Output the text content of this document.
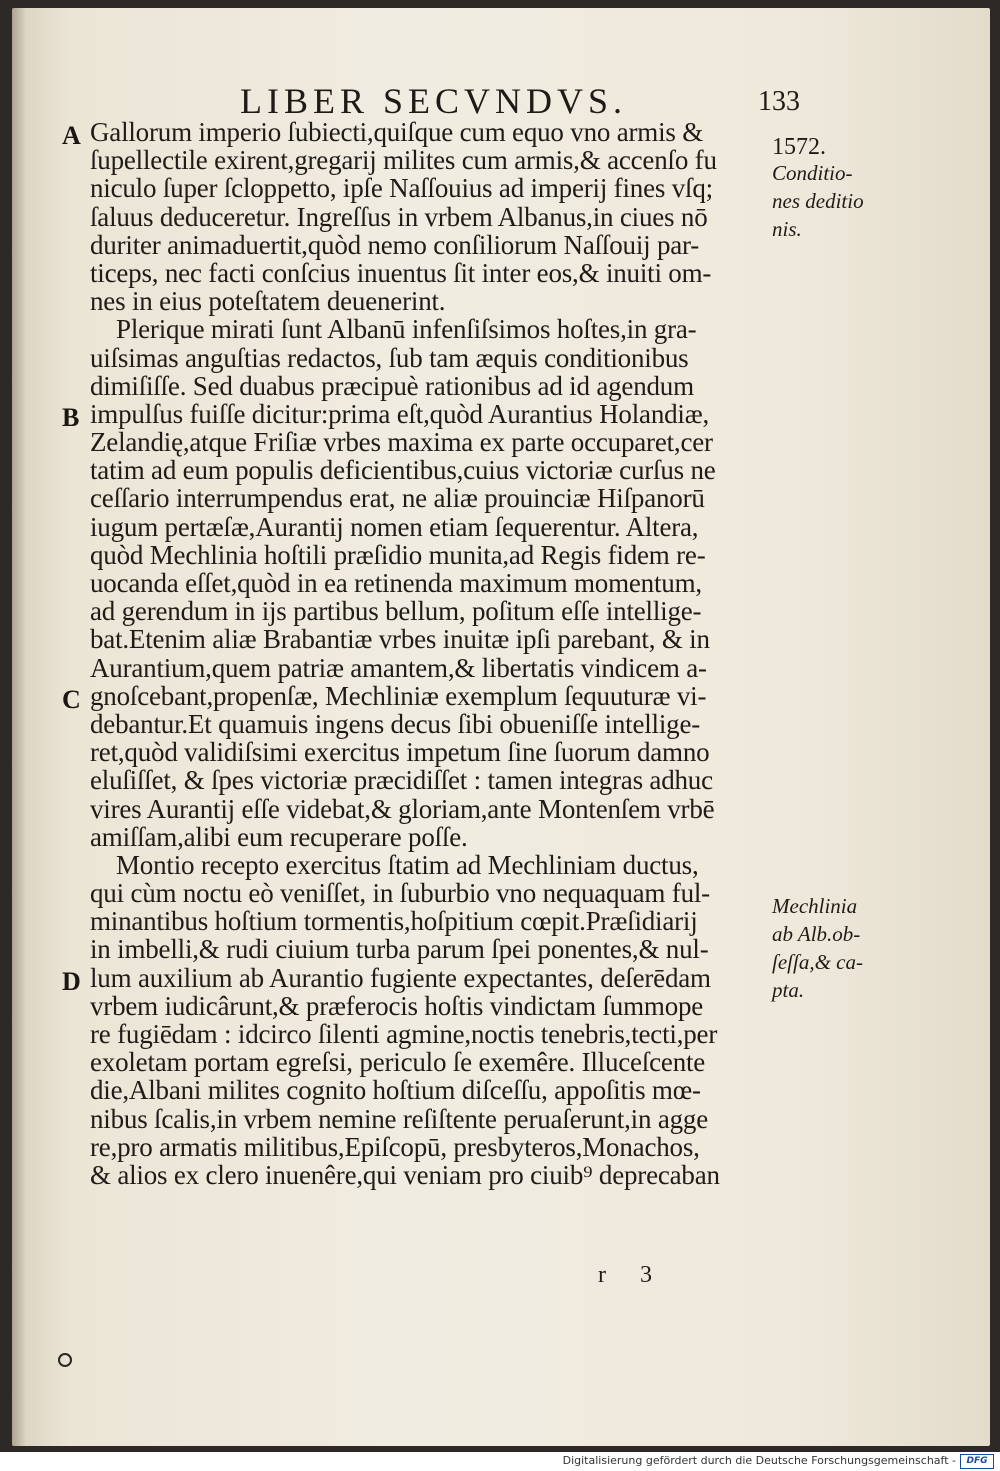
LIBER SECVNDVS.	133
A
B
C
D
Gallorum imperio ſubiecti,quiſque cum equo vno armis &
ſupellectile exirent,gregarij milites cum armis,& accenſo fu
niculo ſuper ſcloppetto, ipſe Naſſouius ad imperij fines vſq;
ſaluus deduceretur. Ingreſſus in vrbem Albanus,in ciues nō
duriter animaduertit,quòd nemo conſiliorum Naſſouij par-
ticeps, nec facti conſcius inuentus ſit inter eos,& inuiti om-
nes in eius poteſtatem deuenerint.
Plerique mirati ſunt Albanū infenſiſsimos hoſtes,in gra-
uiſsimas anguſtias redactos, ſub tam æquis conditionibus
dimiſiſſe. Sed duabus præcipuè rationibus ad id agendum
impulſus fuiſſe dicitur:prima eſt,quòd Aurantius Holandiæ,
Zelandię,atque Friſiæ vrbes maxima ex parte occuparet,cer
tatim ad eum populis deficientibus,cuius victoriæ curſus ne
ceſſario interrumpendus erat, ne aliæ prouinciæ Hiſpanorū
iugum pertæſæ,Aurantij nomen etiam ſequerentur. Altera,
quòd Mechlinia hoſtili præſidio munita,ad Regis fidem re-
uocanda eſſet,quòd in ea retinenda maximum momentum,
ad gerendum in ijs partibus bellum, poſitum eſſe intellige-
bat.Etenim aliæ Brabantiæ vrbes inuitæ ipſi parebant, & in
Aurantium,quem patriæ amantem,& libertatis vindicem a-
gnoſcebant,propenſæ, Mechliniæ exemplum ſequuturæ vi-
debantur.Et quamuis ingens decus ſibi obueniſſe intellige-
ret,quòd validiſsimi exercitus impetum ſine ſuorum damno
eluſiſſet, & ſpes victoriæ præcidiſſet : tamen integras adhuc
vires Aurantij eſſe videbat,& gloriam,ante Montenſem vrbē
amiſſam,alibi eum recuperare poſſe.
Montio recepto exercitus ſtatim ad Mechliniam ductus,
qui cùm noctu eò veniſſet, in ſuburbio vno nequaquam ful-
minantibus hoſtium tormentis,hoſpitium cœpit.Præſidiarij
in imbelli,& rudi ciuium turba parum ſpei ponentes,& nul-
lum auxilium ab Aurantio fugiente expectantes, deſerēdam
vrbem iudicârunt,& præferocis hoſtis vindictam ſummope
re fugiēdam : idcirco ſilenti agmine,noctis tenebris,tecti,per
exoletam portam egreſsi, periculo ſe exemêre. Illuceſcente
die,Albani milites cognito hoſtium diſceſſu, appoſitis mœ-
nibus ſcalis,in vrbem nemine reſiſtente peruaſerunt,in agge
re,pro armatis militibus,Epiſcopū, presbyteros,Monachos,
& alios ex clero inuenêre,qui veniam pro ciuib⁹ deprecaban
1572.
Conditio-
nes deditio
nis.
Mechlinia
ab Alb.ob-
ſeſſa,& ca-
pta.
r 3
Digitalisierung gefördert durch die Deutsche Forschungsgemeinschaft -	DFG
